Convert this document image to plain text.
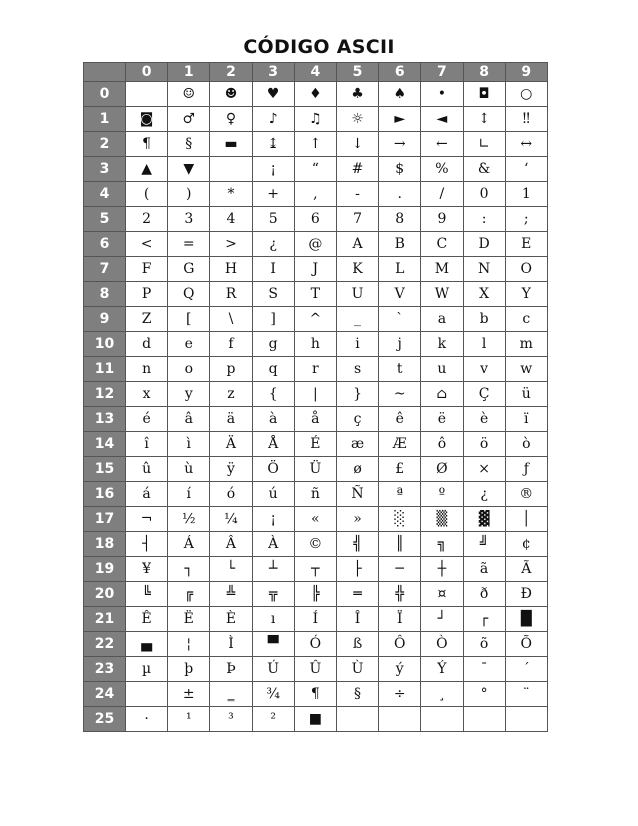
CÓDIGO ASCII
	0	1	2	3	4	5	6	7	8	9
0		☺	☻	♥	♦	♣	♠	•	◘	○
1	◙	♂	♀	♪	♫	☼	►	◄	↕	‼
2	¶	§	▬	↨	↑	↓	→	←	∟	↔
3	▲	▼		¡	“	#	$	%	&	‘
4	(	)	*	+	,	-	.	/	0	1
5	2	3	4	5	6	7	8	9	:	;
6	<	=	>	¿	@	A	B	C	D	E
7	F	G	H	I	J	K	L	M	N	O
8	P	Q	R	S	T	U	V	W	X	Y
9	Z	[	\	]	^	_	`	a	b	c
10	d	e	f	g	h	i	j	k	l	m
11	n	o	p	q	r	s	t	u	v	w
12	x	y	z	{	|	}	~	⌂	Ç	ü
13	é	â	ä	à	å	ç	ê	ë	è	ï
14	î	ì	Ä	Å	É	æ	Æ	ô	ö	ò
15	û	ù	ÿ	Ö	Ü	ø	£	Ø	×	ƒ
16	á	í	ó	ú	ñ	Ñ	ª	º	¿	®
17	¬	½	¼	¡	«	»	░	▒	▓	│
18	┤	Á	Â	À	©	╣	║	╗	╝	¢
19	¥	┐	└	┴	┬	├	─	┼	ã	Ã
20	╚	╔	╩	╦	╠	═	╬	¤	ð	Ð
21	Ê	Ë	È	ı	Í	Î	Ï	┘	┌	█
22	▄	¦	Ì	▀	Ó	ß	Ô	Ò	õ	Õ
23	µ	þ	Þ	Ú	Û	Ù	ý	Ý	¯	´
24		±	‗	¾	¶	§	÷	¸	°	¨
25	·	¹	³	²	■					
